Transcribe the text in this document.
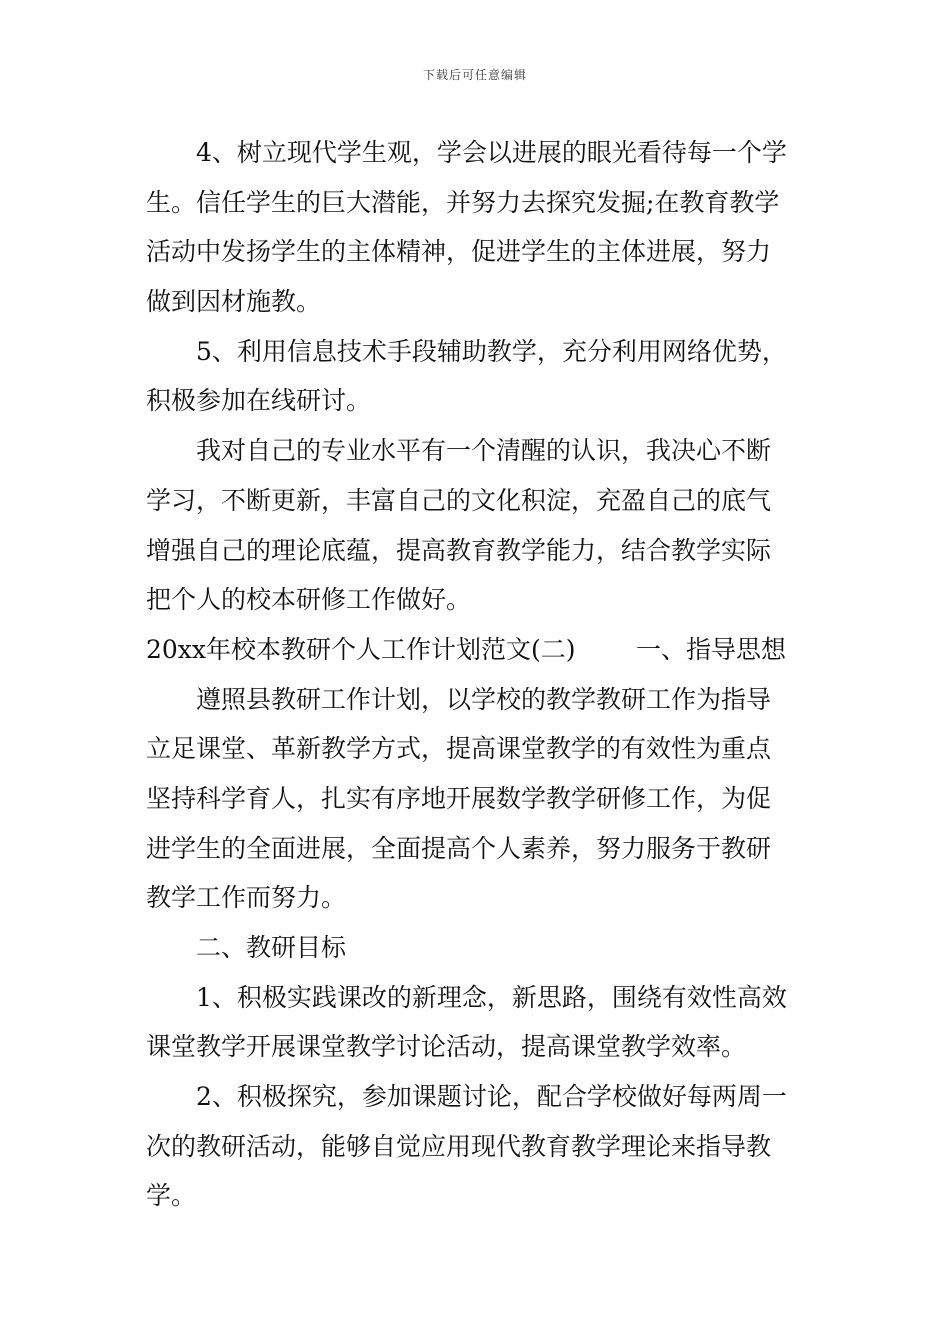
下载后可任意编辑
4、树立现代学生观，学会以进展的眼光看待每一个学
生。信任学生的巨大潜能，并努力去探究发掘;在教育教学
活动中发扬学生的主体精神，促进学生的主体进展，努力
做到因材施教。
5、利用信息技术手段辅助教学，充分利用网络优势，
积极参加在线研讨。
我对自己的专业水平有一个清醒的认识，我决心不断
学习，不断更新，丰富自己的文化积淀，充盈自己的底气
增强自己的理论底蕴，提高教育教学能力，结合教学实际
把个人的校本研修工作做好。
20xx年校本教研个人工作计划范文(二) 一、指导思想
遵照县教研工作计划，以学校的教学教研工作为指导
立足课堂、革新教学方式，提高课堂教学的有效性为重点
坚持科学育人，扎实有序地开展数学教学研修工作，为促
进学生的全面进展，全面提高个人素养，努力服务于教研
教学工作而努力。
二、教研目标
1、积极实践课改的新理念，新思路，围绕有效性高效
课堂教学开展课堂教学讨论活动，提高课堂教学效率。
2、积极探究，参加课题讨论，配合学校做好每两周一
次的教研活动，能够自觉应用现代教育教学理论来指导教
学。
